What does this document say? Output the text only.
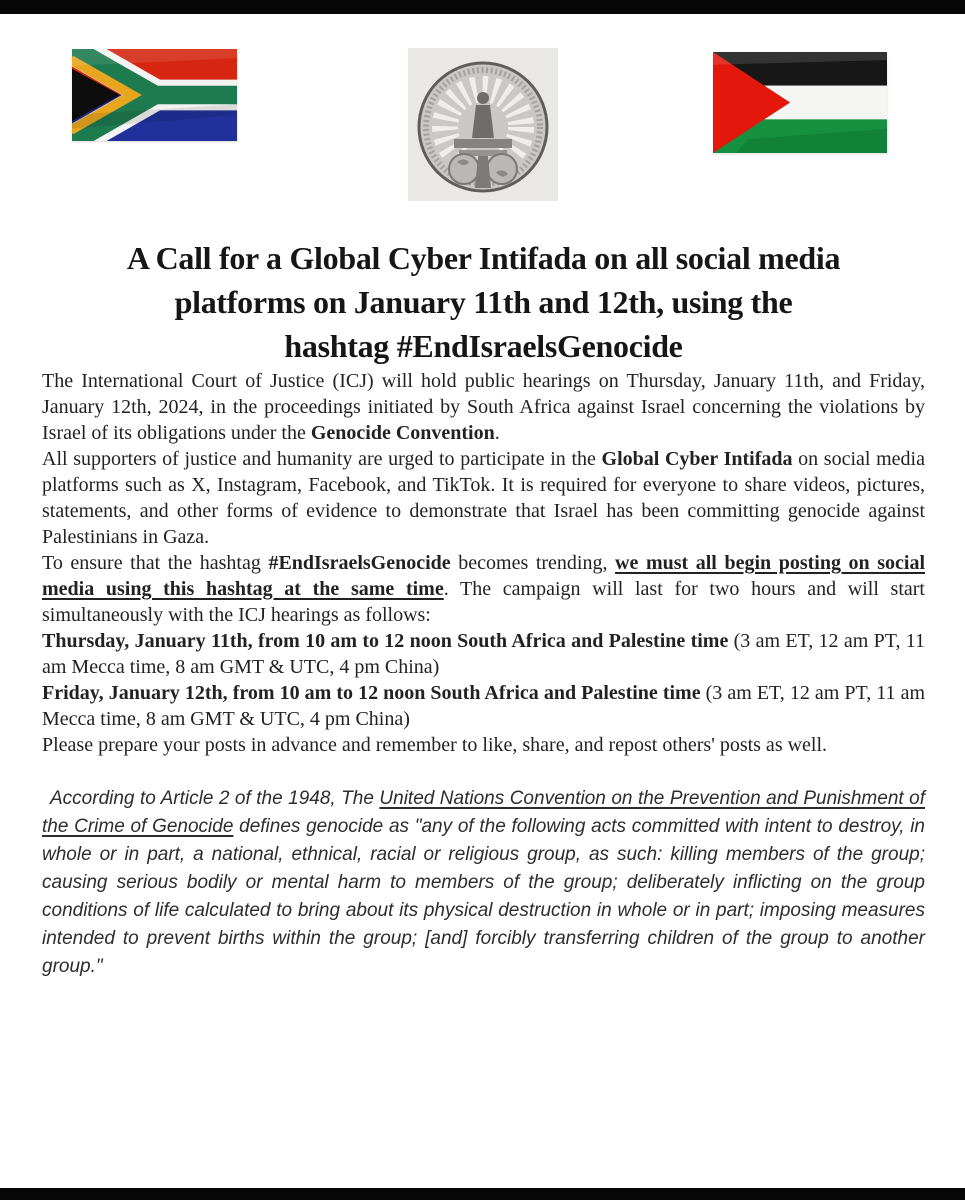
A Call for a Global Cyber Intifada on all social media
platforms on January 11th and 12th, using the
hashtag #EndIsraelsGenocide

The International Court of Justice (ICJ) will hold public hearings on Thursday, January 11th, and Friday, January 12th, 2024, in the proceedings initiated by South Africa against Israel concerning the violations by Israel of its obligations under the Genocide Convention.

All supporters of justice and humanity are urged to participate in the Global Cyber Intifada on social media platforms such as X, Instagram, Facebook, and TikTok. It is required for everyone to share videos, pictures, statements, and other forms of evidence to demonstrate that Israel has been committing genocide against Palestinians in Gaza.

To ensure that the hashtag #EndIsraelsGenocide becomes trending, we must all begin posting on social media using this hashtag at the same time. The campaign will last for two hours and will start simultaneously with the ICJ hearings as follows:

Thursday, January 11th, from 10 am to 12 noon South Africa and Palestine time (3 am ET, 12 am PT, 11 am Mecca time, 8 am GMT & UTC, 4 pm China)

Friday, January 12th, from 10 am to 12 noon South Africa and Palestine time (3 am ET, 12 am PT, 11 am Mecca time, 8 am GMT & UTC, 4 pm China)

Please prepare your posts in advance and remember to like, share, and repost others' posts as well.

According to Article 2 of the 1948, The United Nations Convention on the Prevention and Punishment of the Crime of Genocide defines genocide as "any of the following acts committed with intent to destroy, in whole or in part, a national, ethnical, racial or religious group, as such: killing members of the group; causing serious bodily or mental harm to members of the group; deliberately inflicting on the group conditions of life calculated to bring about its physical destruction in whole or in part; imposing measures intended to prevent births within the group; [and] forcibly transferring children of the group to another group."
